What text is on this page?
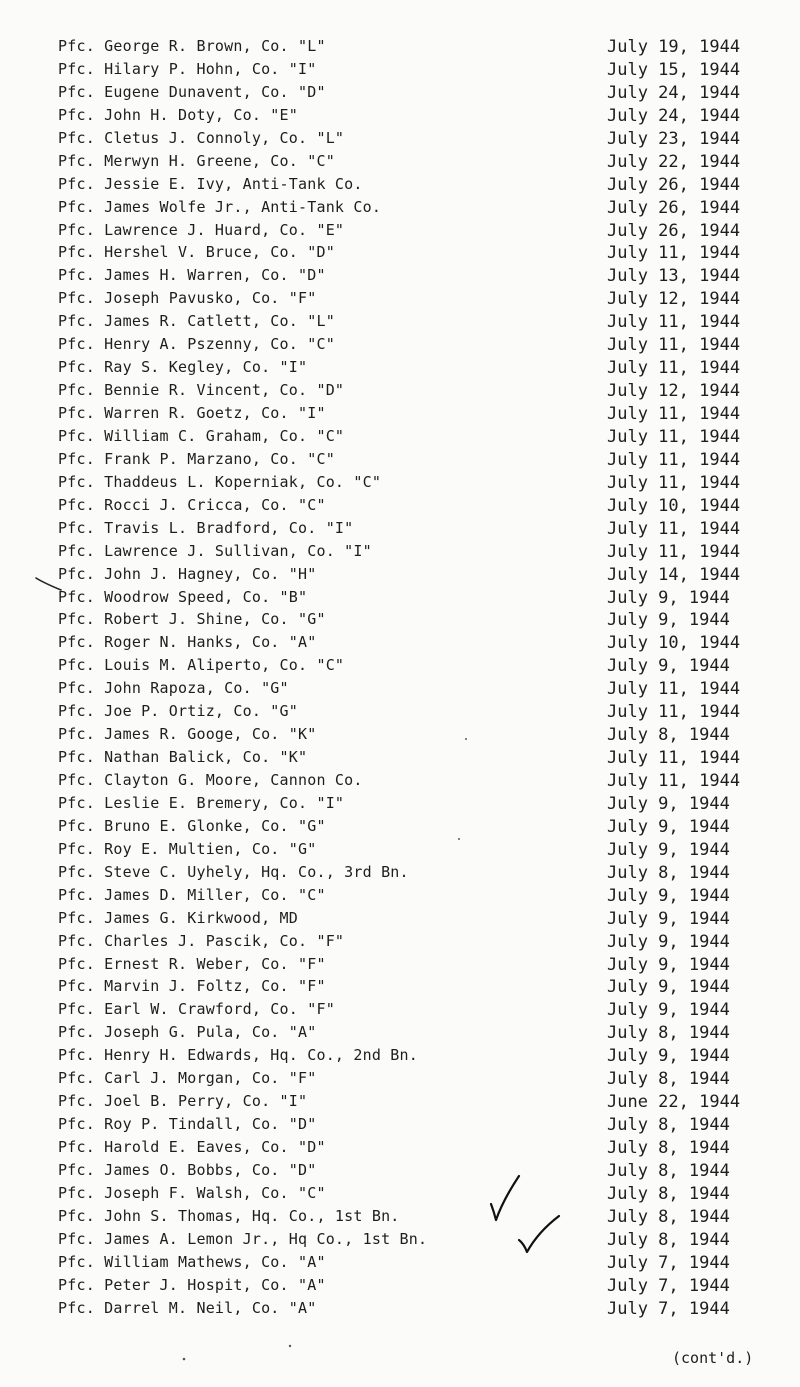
Pfc. George R. Brown, Co. "L"	July 19, 1944
Pfc. Hilary P. Hohn, Co. "I"	July 15, 1944
Pfc. Eugene Dunavent, Co. "D"	July 24, 1944
Pfc. John H. Doty, Co. "E"	July 24, 1944
Pfc. Cletus J. Connoly, Co. "L"	July 23, 1944
Pfc. Merwyn H. Greene, Co. "C"	July 22, 1944
Pfc. Jessie E. Ivy, Anti-Tank Co.	July 26, 1944
Pfc. James Wolfe Jr., Anti-Tank Co.	July 26, 1944
Pfc. Lawrence J. Huard, Co. "E"	July 26, 1944
Pfc. Hershel V. Bruce, Co. "D"	July 11, 1944
Pfc. James H. Warren, Co. "D"	July 13, 1944
Pfc. Joseph Pavusko, Co. "F"	July 12, 1944
Pfc. James R. Catlett, Co. "L"	July 11, 1944
Pfc. Henry A. Pszenny, Co. "C"	July 11, 1944
Pfc. Ray S. Kegley, Co. "I"	July 11, 1944
Pfc. Bennie R. Vincent, Co. "D"	July 12, 1944
Pfc. Warren R. Goetz, Co. "I"	July 11, 1944
Pfc. William C. Graham, Co. "C"	July 11, 1944
Pfc. Frank P. Marzano, Co. "C"	July 11, 1944
Pfc. Thaddeus L. Koperniak, Co. "C"	July 11, 1944
Pfc. Rocci J. Cricca, Co. "C"	July 10, 1944
Pfc. Travis L. Bradford, Co. "I"	July 11, 1944
Pfc. Lawrence J. Sullivan, Co. "I"	July 11, 1944
Pfc. John J. Hagney, Co. "H"	July 14, 1944
Pfc. Woodrow Speed, Co. "B"	July 9, 1944
Pfc. Robert J. Shine, Co. "G"	July 9, 1944
Pfc. Roger N. Hanks, Co. "A"	July 10, 1944
Pfc. Louis M. Aliperto, Co. "C"	July 9, 1944
Pfc. John Rapoza, Co. "G"	July 11, 1944
Pfc. Joe P. Ortiz, Co. "G"	July 11, 1944
Pfc. James R. Googe, Co. "K"	July 8, 1944
Pfc. Nathan Balick, Co. "K"	July 11, 1944
Pfc. Clayton G. Moore, Cannon Co.	July 11, 1944
Pfc. Leslie E. Bremery, Co. "I"	July 9, 1944
Pfc. Bruno E. Glonke, Co. "G"	July 9, 1944
Pfc. Roy E. Multien, Co. "G"	July 9, 1944
Pfc. Steve C. Uyhely, Hq. Co., 3rd Bn.	July 8, 1944
Pfc. James D. Miller, Co. "C"	July 9, 1944
Pfc. James G. Kirkwood, MD	July 9, 1944
Pfc. Charles J. Pascik, Co. "F"	July 9, 1944
Pfc. Ernest R. Weber, Co. "F"	July 9, 1944
Pfc. Marvin J. Foltz, Co. "F"	July 9, 1944
Pfc. Earl W. Crawford, Co. "F"	July 9, 1944
Pfc. Joseph G. Pula, Co. "A"	July 8, 1944
Pfc. Henry H. Edwards, Hq. Co., 2nd Bn.	July 9, 1944
Pfc. Carl J. Morgan, Co. "F"	July 8, 1944
Pfc. Joel B. Perry, Co. "I"	June 22, 1944
Pfc. Roy P. Tindall, Co. "D"	July 8, 1944
Pfc. Harold E. Eaves, Co. "D"	July 8, 1944
Pfc. James O. Bobbs, Co. "D"	July 8, 1944
Pfc. Joseph F. Walsh, Co. "C"	July 8, 1944
Pfc. John S. Thomas, Hq. Co., 1st Bn.	July 8, 1944
Pfc. James A. Lemon Jr., Hq Co., 1st Bn.	July 8, 1944
Pfc. William Mathews, Co. "A"	July 7, 1944
Pfc. Peter J. Hospit, Co. "A"	July 7, 1944
Pfc. Darrel M. Neil, Co. "A"	July 7, 1944
(cont'd.)
